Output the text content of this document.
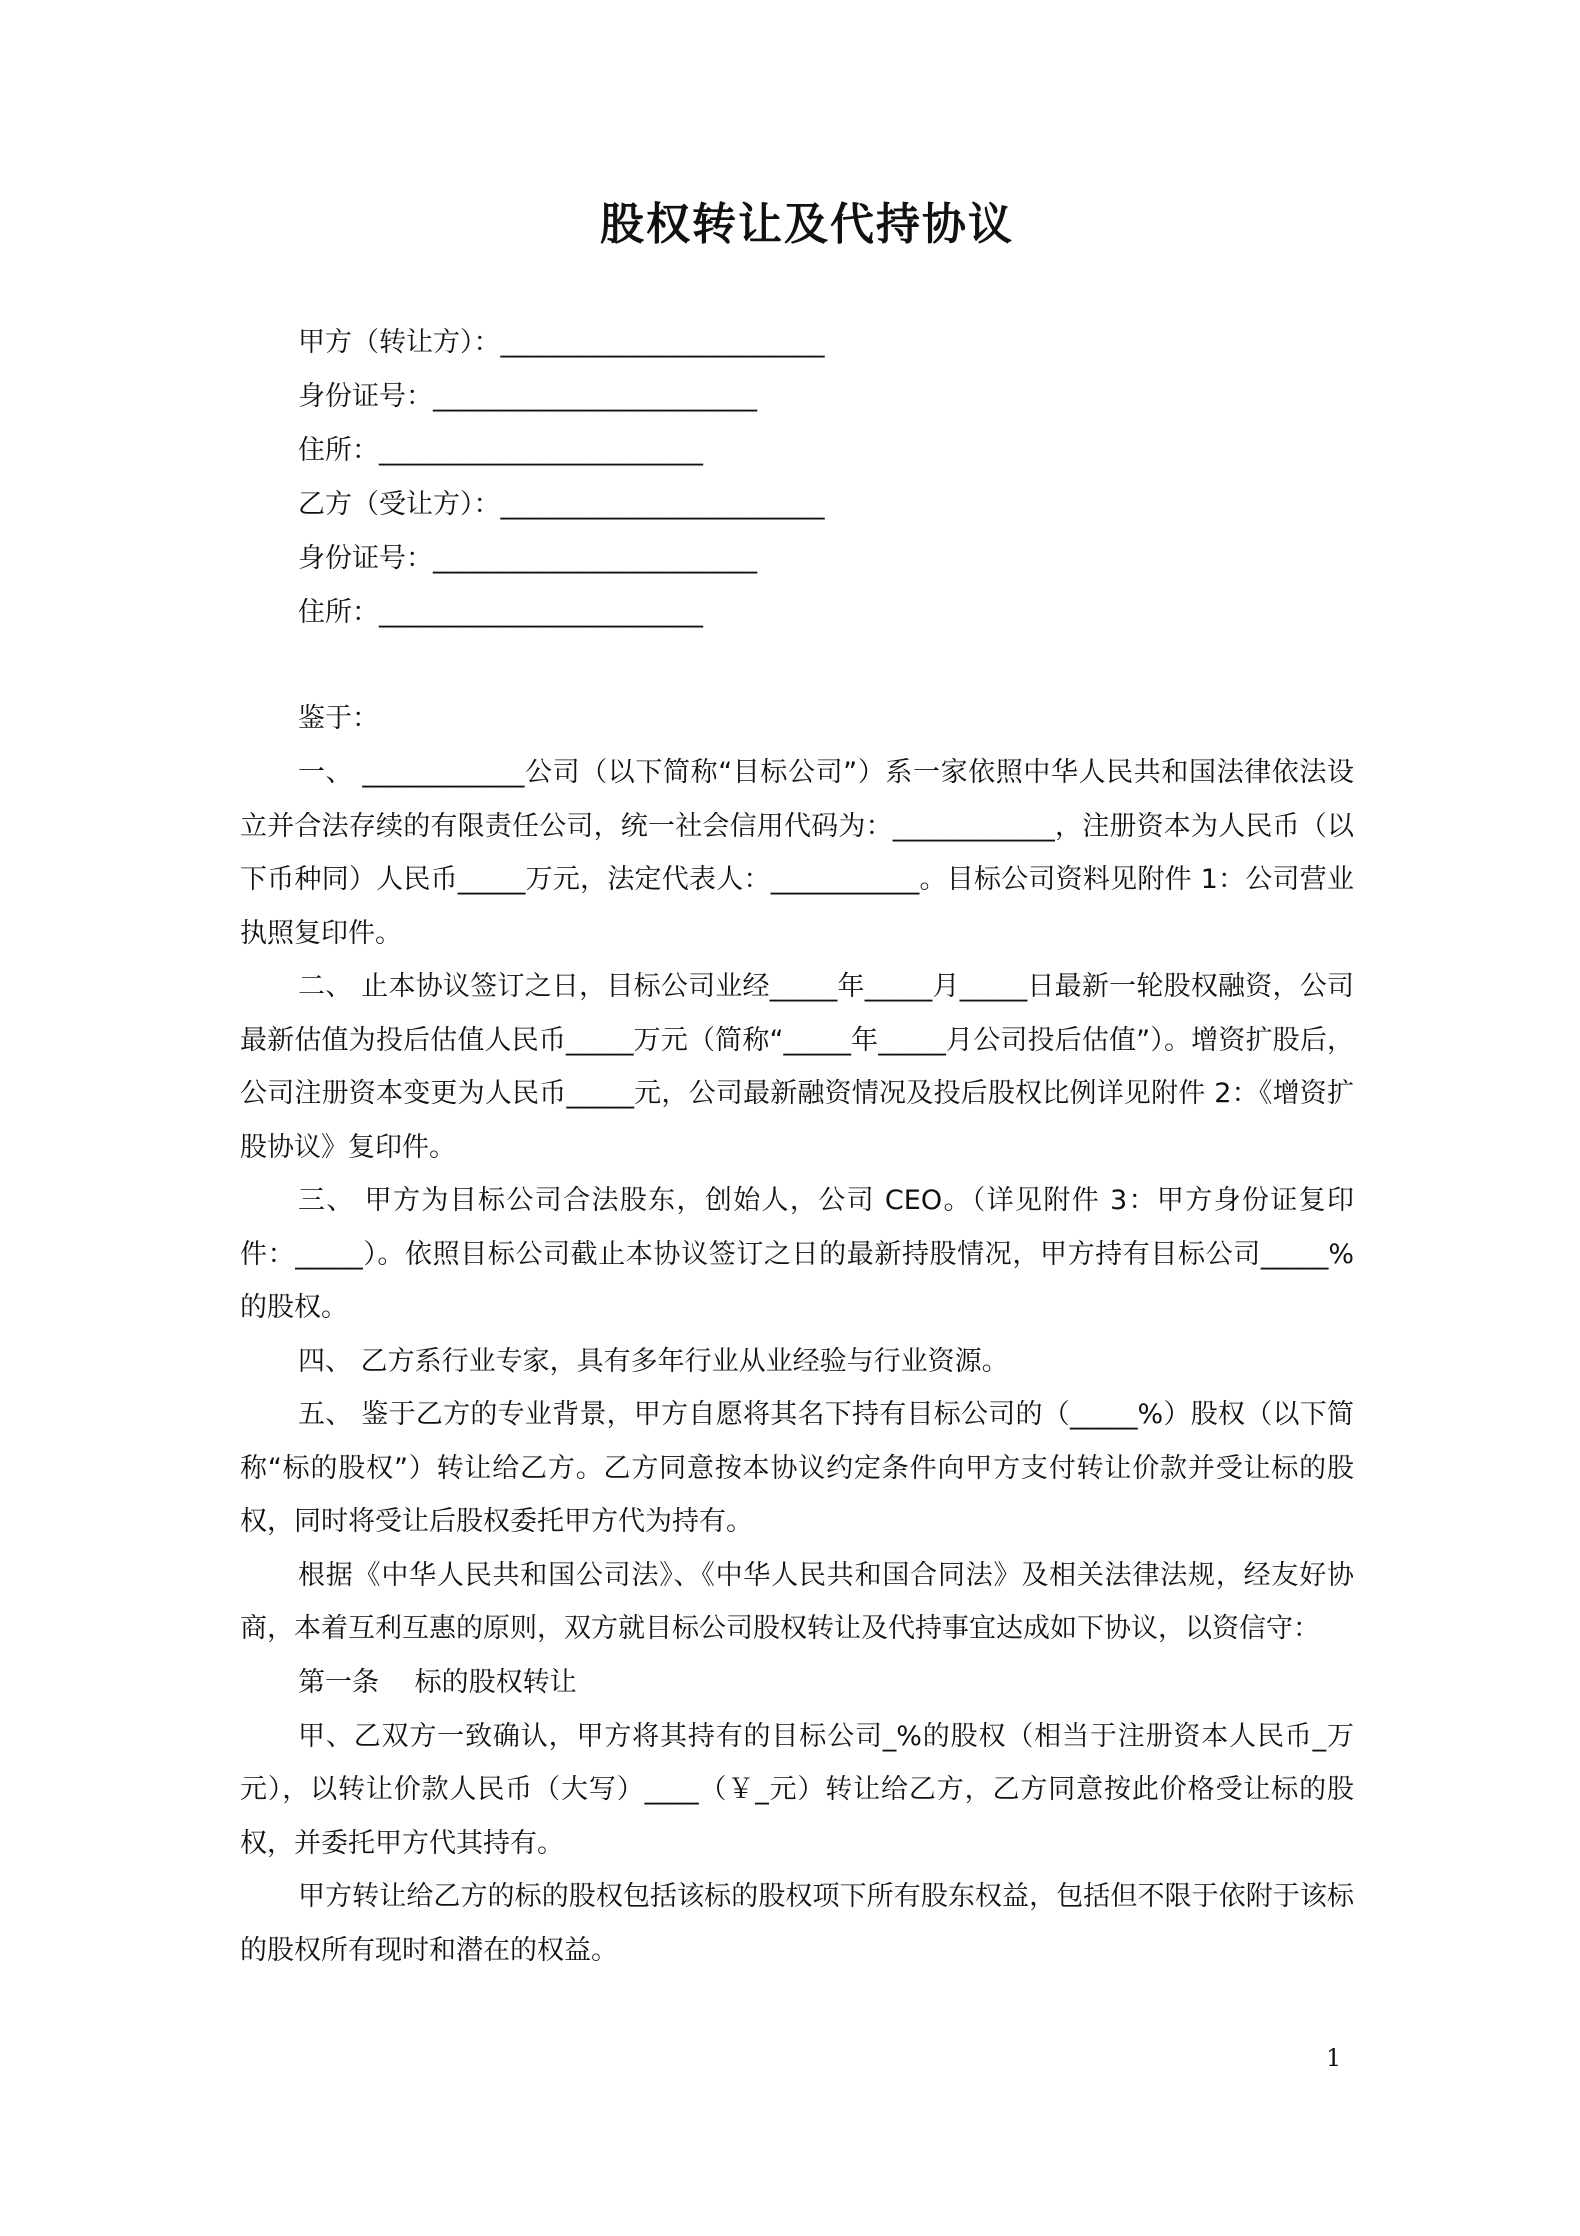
股权转让及代持协议
甲方（转让方）：________________________
身份证号：________________________
住所：________________________
乙方（受让方）：________________________
身份证号：________________________
住所：________________________
鉴于：

一、 ____________公司（以下简称“目标公司”）系一家依照中华人民共和国法律依法设立并合法存续的有限责任公司，统一社会信用代码为：____________，注册资本为人民币（以下币种同）人民币_____万元，法定代表人：___________。目标公司资料见附件 1：公司营业执照复印件。

二、 止本协议签订之日，目标公司业经_____年_____月_____日最新一轮股权融资，公司最新估值为投后估值人民币_____万元（简称“_____年_____月公司投后估值”）。增资扩股后，公司注册资本变更为人民币_____元，公司最新融资情况及投后股权比例详见附件 2：《增资扩股协议》复印件。

三、 甲方为目标公司合法股东，创始人，公司 CEO。（详见附件 3：甲方身份证复印件：_____）。依照目标公司截止本协议签订之日的最新持股情况，甲方持有目标公司_____%的股权。

四、 乙方系行业专家，具有多年行业从业经验与行业资源。

五、 鉴于乙方的专业背景，甲方自愿将其名下持有目标公司的（_____%）股权（以下简称“标的股权”）转让给乙方。乙方同意按本协议约定条件向甲方支付转让价款并受让标的股权，同时将受让后股权委托甲方代为持有。

根据《中华人民共和国公司法》、《中华人民共和国合同法》及相关法律法规，经友好协商，本着互利互惠的原则，双方就目标公司股权转让及代持事宜达成如下协议，以资信守：

第一条　 标的股权转让

甲、乙双方一致确认，甲方将其持有的目标公司_%的股权（相当于注册资本人民币_万元），以转让价款人民币（大写）____（￥_元）转让给乙方，乙方同意按此价格受让标的股权，并委托甲方代其持有。

甲方转让给乙方的标的股权包括该标的股权项下所有股东权益，包括但不限于依附于该标的股权所有现时和潜在的权益。

1
